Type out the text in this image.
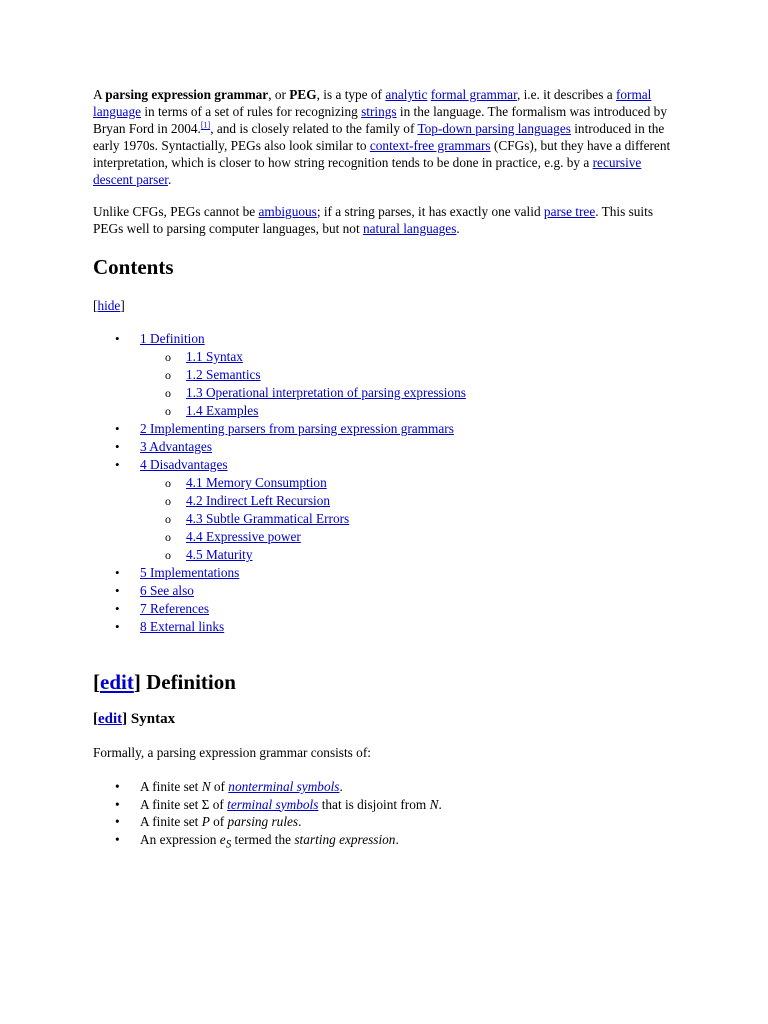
A parsing expression grammar, or PEG, is a type of analytic formal grammar, i.e. it describes a formal language in terms of a set of rules for recognizing strings in the language. The formalism was introduced by Bryan Ford in 2004.[1], and is closely related to the family of Top-down parsing languages introduced in the early 1970s. Syntactially, PEGs also look similar to context-free grammars (CFGs), but they have a different interpretation, which is closer to how string recognition tends to be done in practice, e.g. by a recursive descent parser.

Unlike CFGs, PEGs cannot be ambiguous; if a string parses, it has exactly one valid parse tree. This suits PEGs well to parsing computer languages, but not natural languages.

Contents
[hide]
• 1 Definition
o 1.1 Syntax
o 1.2 Semantics
o 1.3 Operational interpretation of parsing expressions
o 1.4 Examples
• 2 Implementing parsers from parsing expression grammars
• 3 Advantages
• 4 Disadvantages
o 4.1 Memory Consumption
o 4.2 Indirect Left Recursion
o 4.3 Subtle Grammatical Errors
o 4.4 Expressive power
o 4.5 Maturity
• 5 Implementations
• 6 See also
• 7 References
• 8 External links
[edit] Definition
[edit] Syntax

Formally, a parsing expression grammar consists of:

• A finite set N of nonterminal symbols.
• A finite set Σ of terminal symbols that is disjoint from N.
• A finite set P of parsing rules.
• An expression $e_S$ termed the starting expression.
